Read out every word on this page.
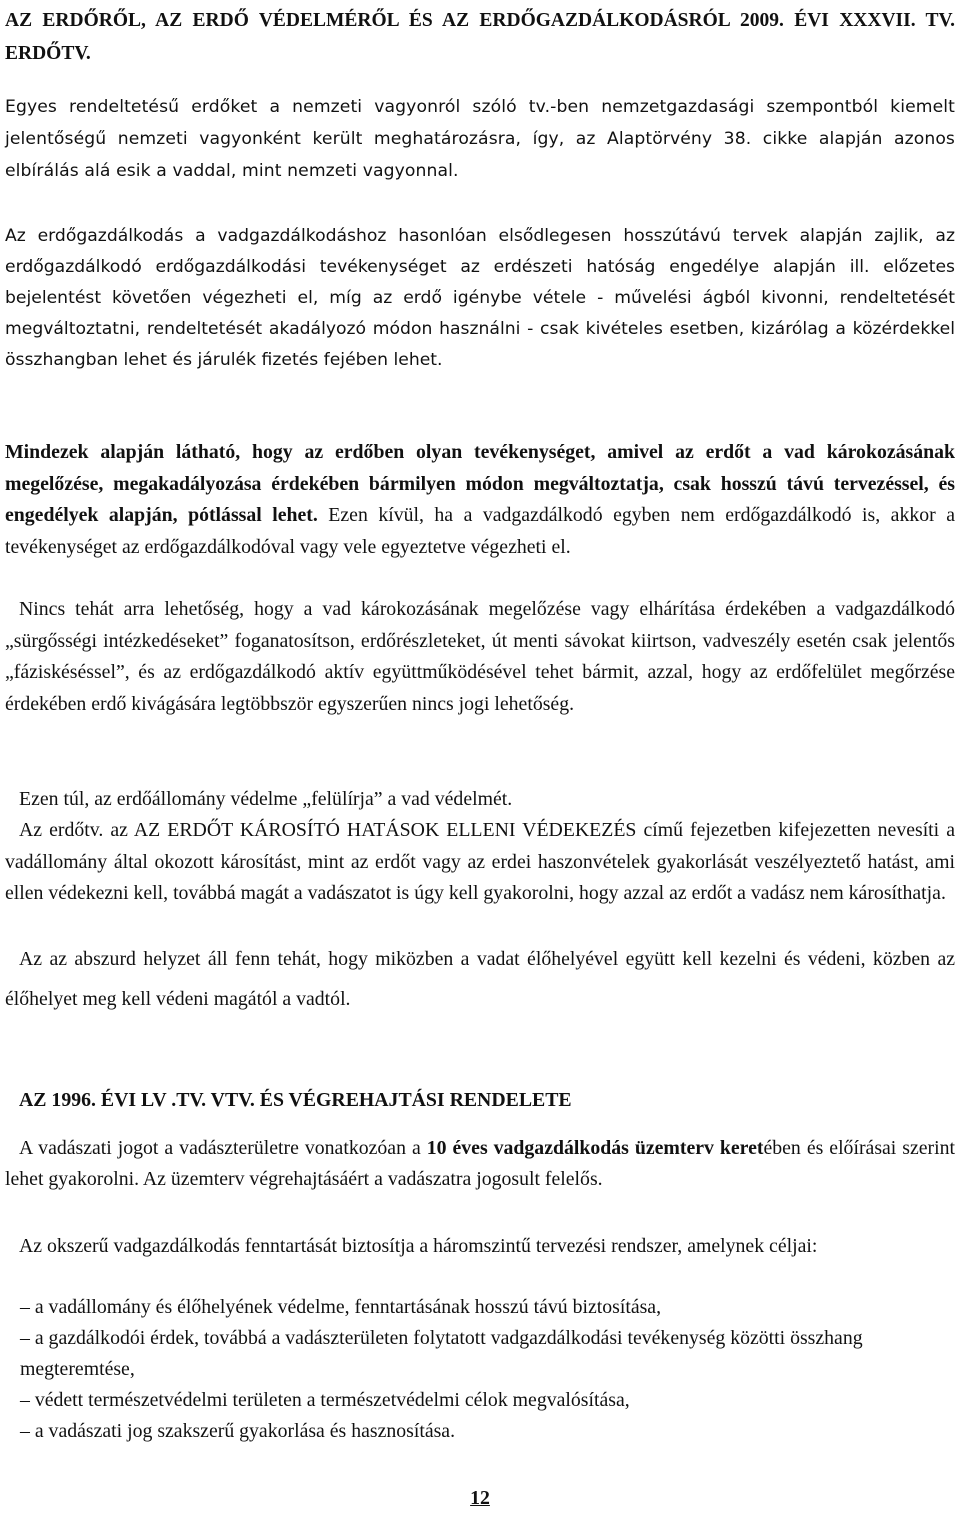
AZ ERDŐRŐL, AZ ERDŐ VÉDELMÉRŐL ÉS AZ ERDŐGAZDÁLKODÁSRÓL 2009. ÉVI XXXVII. TV. ERDŐTV.

Egyes rendeltetésű erdőket a nemzeti vagyonról szóló tv.-ben nemzetgazdasági szempontból kiemelt jelentőségű nemzeti vagyonként került meghatározásra, így, az Alaptörvény 38. cikke alapján azonos elbírálás alá esik a vaddal, mint nemzeti vagyonnal.

Az erdőgazdálkodás a vadgazdálkodáshoz hasonlóan elsődlegesen hosszútávú tervek alapján zajlik, az erdőgazdálkodó erdőgazdálkodási tevékenységet az erdészeti hatóság engedélye alapján ill. előzetes bejelentést követően végezheti el, míg az erdő igénybe vétele - művelési ágból kivonni, rendeltetését megváltoztatni, rendeltetését akadályozó módon használni - csak kivételes esetben, kizárólag a közérdekkel összhangban lehet és járulék fizetés fejében lehet.

Mindezek alapján látható, hogy az erdőben olyan tevékenységet, amivel az erdőt a vad károkozásának megelőzése, megakadályozása érdekében bármilyen módon megváltoztatja, csak hosszú távú tervezéssel, és engedélyek alapján, pótlással lehet. Ezen kívül, ha a vadgazdálkodó egyben nem erdőgazdálkodó is, akkor a tevékenységet az erdőgazdálkodóval vagy vele egyeztetve végezheti el.

Nincs tehát arra lehetőség, hogy a vad károkozásának megelőzése vagy elhárítása érdekében a vadgazdálkodó „sürgősségi intézkedéseket” foganatosítson, erdőrészleteket, út menti sávokat kiirtson, vadveszély esetén csak jelentős „fáziskéséssel”, és az erdőgazdálkodó aktív együttműködésével tehet bármit, azzal, hogy az erdőfelület megőrzése érdekében erdő kivágására legtöbbször egyszerűen nincs jogi lehetőség.

Ezen túl, az erdőállomány védelme „felülírja” a vad védelmét.

Az erdőtv. az AZ ERDŐT KÁROSÍTÓ HATÁSOK ELLENI VÉDEKEZÉS című fejezetben kifejezetten nevesíti a vadállomány által okozott károsítást, mint az erdőt vagy az erdei haszonvételek gyakorlását veszélyeztető hatást, ami ellen védekezni kell, továbbá magát a vadászatot is úgy kell gyakorolni, hogy azzal az erdőt a vadász nem károsíthatja.

Az az abszurd helyzet áll fenn tehát, hogy miközben a vadat élőhelyével együtt kell kezelni és védeni, közben az élőhelyet meg kell védeni magától a vadtól.

AZ 1996. ÉVI LV .TV. VTV. ÉS VÉGREHAJTÁSI RENDELETE

A vadászati jogot a vadászterületre vonatkozóan a 10 éves vadgazdálkodás üzemterv keretében és előírásai szerint lehet gyakorolni. Az üzemterv végrehajtásáért a vadászatra jogosult felelős.

Az okszerű vadgazdálkodás fenntartását biztosítja a háromszintű tervezési rendszer, amelynek céljai:

– a vadállomány és élőhelyének védelme, fenntartásának hosszú távú biztosítása,
– a gazdálkodói érdek, továbbá a vadászterületen folytatott vadgazdálkodási tevékenység közötti összhang megteremtése,
– védett természetvédelmi területen a természetvédelmi célok megvalósítása,
– a vadászati jog szakszerű gyakorlása és hasznosítása.
12
